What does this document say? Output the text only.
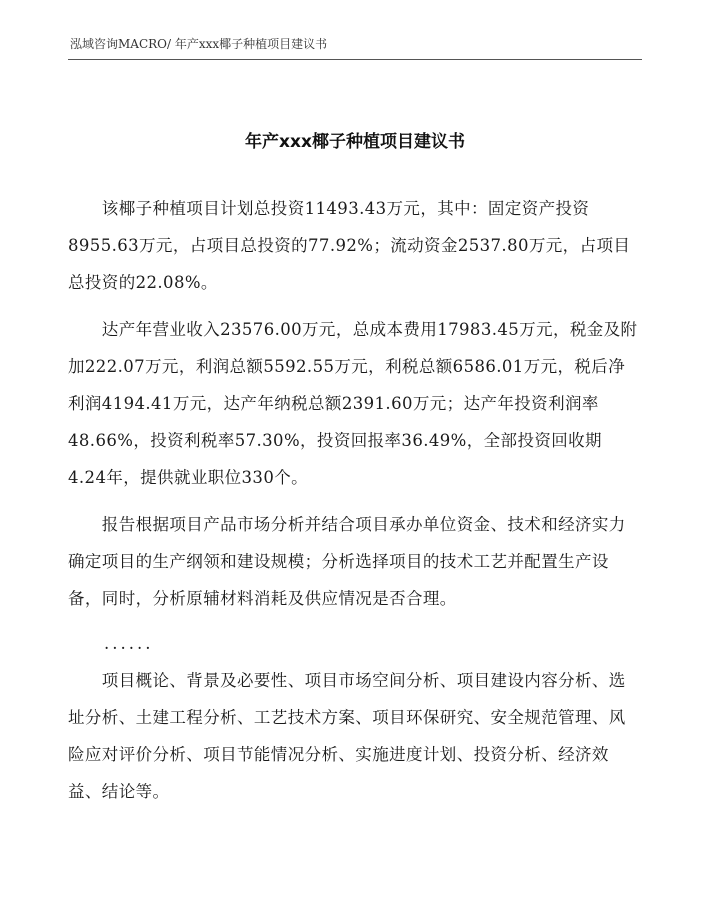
泓域咨询MACRO/ 年产xxx椰子种植项目建议书
年产xxx椰子种植项目建议书

　　该椰子种植项目计划总投资11493.43万元，其中：固定资产投资8955.63万元，占项目总投资的77.92%；流动资金2537.80万元，占项目总投资的22.08%。

　　达产年营业收入23576.00万元，总成本费用17983.45万元，税金及附加222.07万元，利润总额5592.55万元，利税总额6586.01万元，税后净利润4194.41万元，达产年纳税总额2391.60万元；达产年投资利润率48.66%，投资利税率57.30%，投资回报率36.49%，全部投资回收期4.24年，提供就业职位330个。

　　报告根据项目产品市场分析并结合项目承办单位资金、技术和经济实力确定项目的生产纲领和建设规模；分析选择项目的技术工艺并配置生产设备，同时，分析原辅材料消耗及供应情况是否合理。

......

　　项目概论、背景及必要性、项目市场空间分析、项目建设内容分析、选址分析、土建工程分析、工艺技术方案、项目环保研究、安全规范管理、风险应对评价分析、项目节能情况分析、实施进度计划、投资分析、经济效益、结论等。
